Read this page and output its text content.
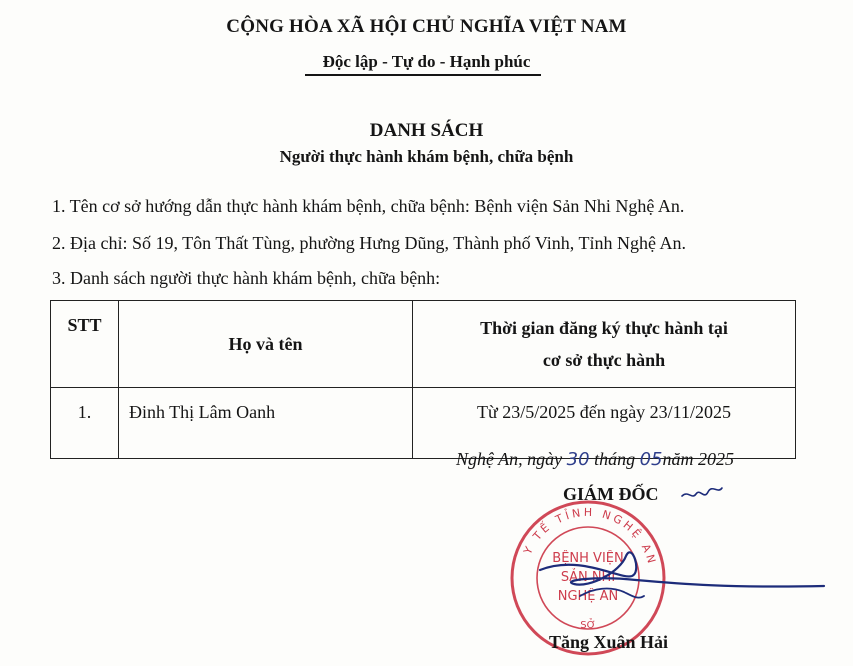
CỘNG HÒA XÃ HỘI CHỦ NGHĨA VIỆT NAM
Độc lập - Tự do - Hạnh phúc
DANH SÁCH
Người thực hành khám bệnh, chữa bệnh
1. Tên cơ sở hướng dẫn thực hành khám bệnh, chữa bệnh: Bệnh viện Sản Nhi Nghệ An.
2. Địa chỉ: Số 19, Tôn Thất Tùng, phường Hưng Dũng, Thành phố Vinh, Tỉnh Nghệ An.
3. Danh sách người thực hành khám bệnh, chữa bệnh:
STT	Họ và tên	Thời gian đăng ký thực hành tại
cơ sở thực hành

1.	Đinh Thị Lâm Oanh	Từ 23/5/2025 đến ngày 23/11/2025
Nghệ An, ngày 30 tháng 05năm 2025
GIÁM ĐỐC
Y TẾ TỈNH NGHỆ AN
SỞ
BỆNH VIỆN
SẢN NHI
NGHỆ AN
Tăng Xuân Hải
